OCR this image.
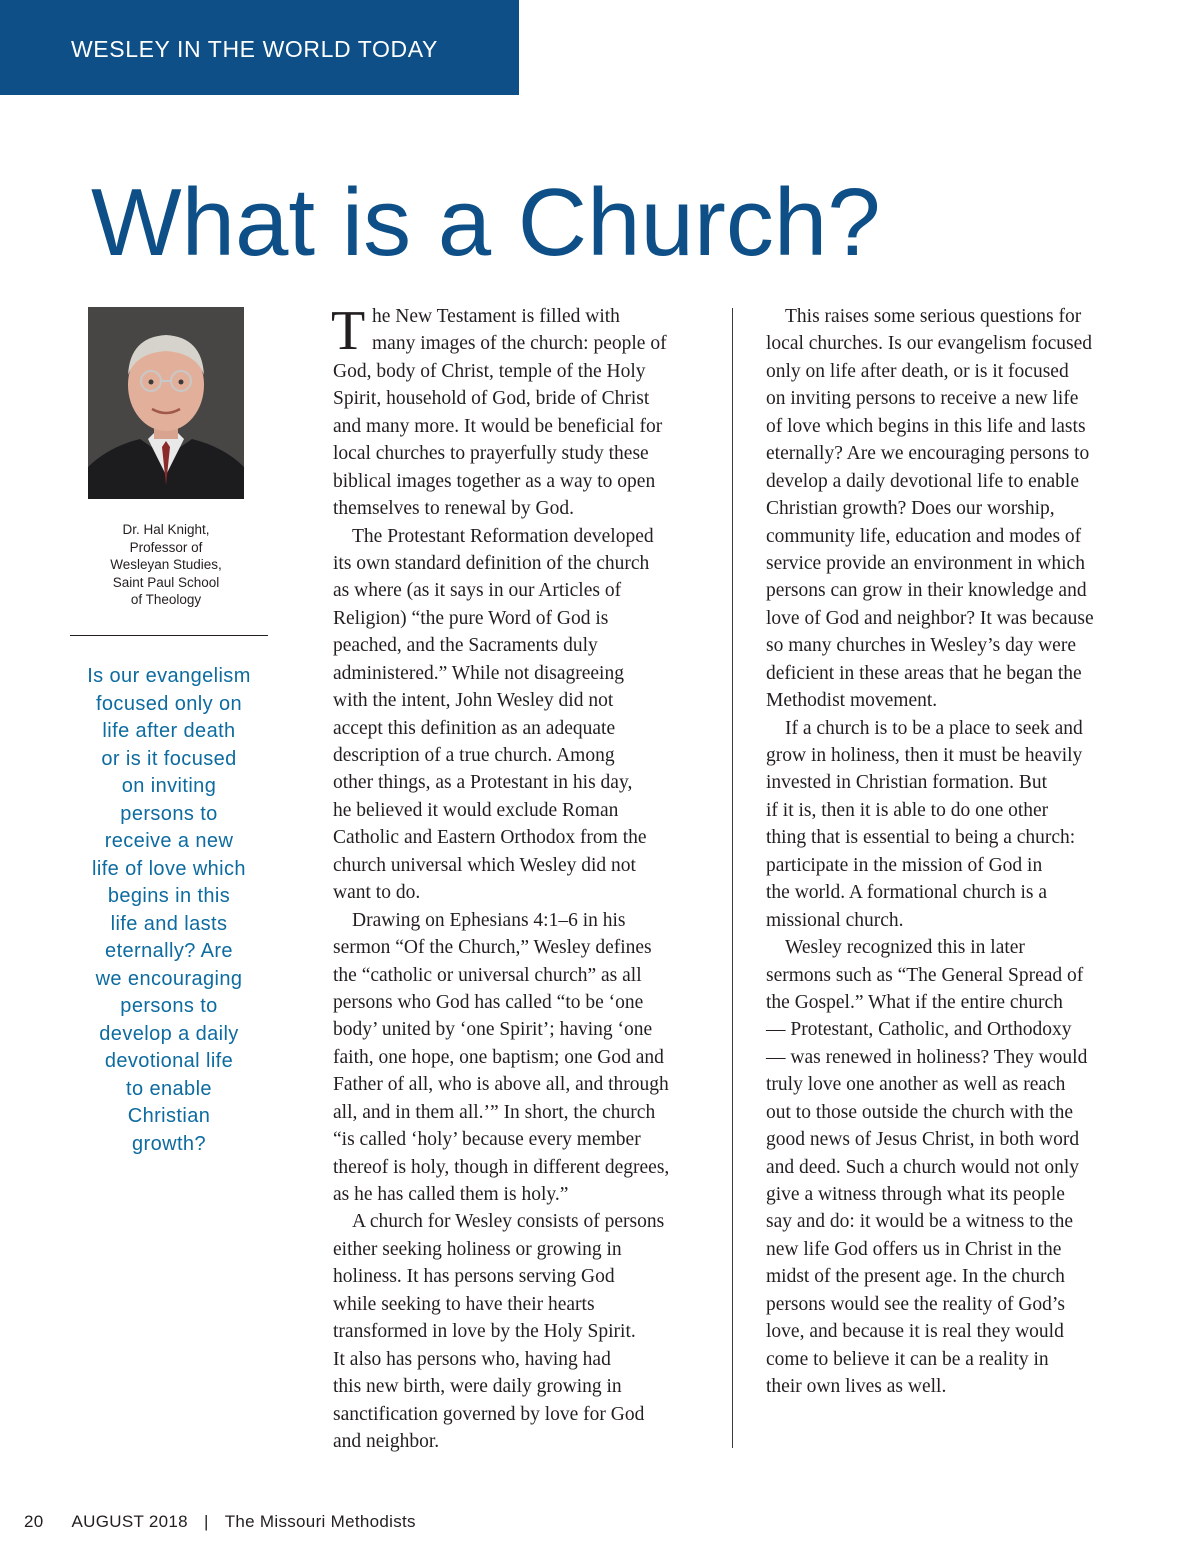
WESLEY IN THE WORLD TODAY
What is a Church?
Dr. Hal Knight,
Professor of
Wesleyan Studies,
Saint Paul School
of Theology
Is our evangelism
focused only on
life after death
or is it focused
on inviting
persons to
receive a new
life of love which
begins in this
life and lasts
eternally? Are
we encouraging
persons to
develop a daily
devotional life
to enable
Christian
growth?
T he New Testament is filled with
many images of the church: people of
God, body of Christ, temple of the Holy
Spirit, household of God, bride of Christ
and many more. It would be beneficial for
local churches to prayerfully study these
biblical images together as a way to open
themselves to renewal by God.
The Protestant Reformation developed
its own standard definition of the church
as where (as it says in our Articles of
Religion) “the pure Word of God is
peached, and the Sacraments duly
administered.” While not disagreeing
with the intent, John Wesley did not
accept this definition as an adequate
description of a true church. Among
other things, as a Protestant in his day,
he believed it would exclude Roman
Catholic and Eastern Orthodox from the
church universal which Wesley did not
want to do.
Drawing on Ephesians 4:1–6 in his
sermon “Of the Church,” Wesley defines
the “catholic or universal church” as all
persons who God has called “to be ‘one
body’ united by ‘one Spirit’; having ‘one
faith, one hope, one baptism; one God and
Father of all, who is above all, and through
all, and in them all.’” In short, the church
“is called ‘holy’ because every member
thereof is holy, though in different degrees,
as he has called them is holy.”
A church for Wesley consists of persons
either seeking holiness or growing in
holiness. It has persons serving God
while seeking to have their hearts
transformed in love by the Holy Spirit.
It also has persons who, having had
this new birth, were daily growing in
sanctification governed by love for God
and neighbor.
This raises some serious questions for
local churches. Is our evangelism focused
only on life after death, or is it focused
on inviting persons to receive a new life
of love which begins in this life and lasts
eternally? Are we encouraging persons to
develop a daily devotional life to enable
Christian growth? Does our worship,
community life, education and modes of
service provide an environment in which
persons can grow in their knowledge and
love of God and neighbor? It was because
so many churches in Wesley’s day were
deficient in these areas that he began the
Methodist movement.
If a church is to be a place to seek and
grow in holiness, then it must be heavily
invested in Christian formation. But
if it is, then it is able to do one other
thing that is essential to being a church:
participate in the mission of God in
the world. A formational church is a
missional church.
Wesley recognized this in later
sermons such as “The General Spread of
the Gospel.” What if the entire church
— Protestant, Catholic, and Orthodoxy
— was renewed in holiness? They would
truly love one another as well as reach
out to those outside the church with the
good news of Jesus Christ, in both word
and deed. Such a church would not only
give a witness through what its people
say and do: it would be a witness to the
new life God offers us in Christ in the
midst of the present age. In the church
persons would see the reality of God’s
love, and because it is real they would
come to believe it can be a reality in
their own lives as well.
20 AUGUST 2018 | The Missouri Methodists
